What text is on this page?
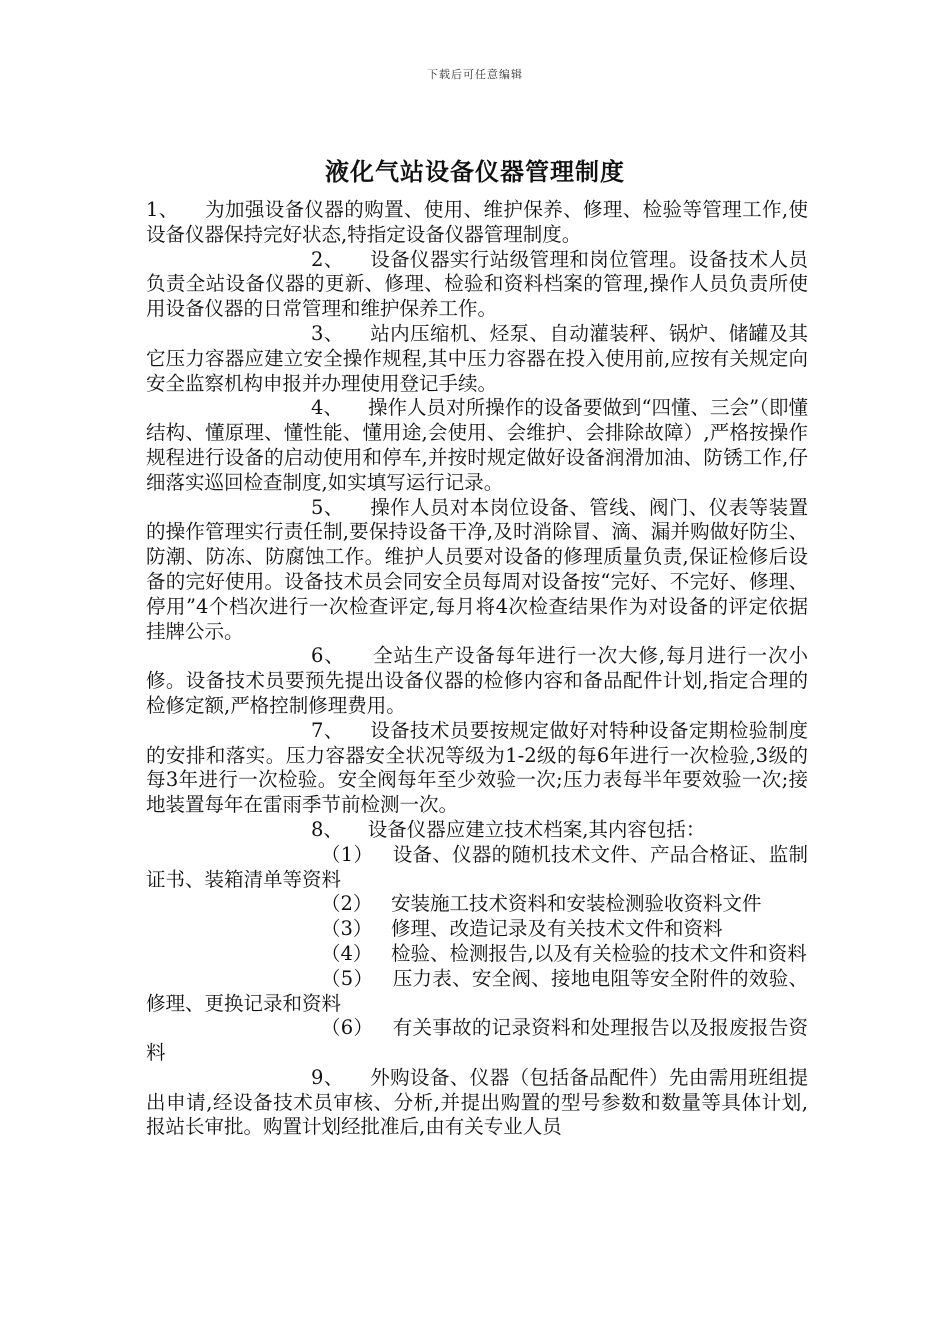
下载后可任意编辑
液化气站设备仪器管理制度

1、 为加强设备仪器的购置、使用、维护保养、修理、检验等管理工作,使设备仪器保持完好状态,特指定设备仪器管理制度。

2、 设备仪器实行站级管理和岗位管理。设备技术人员负责全站设备仪器的更新、修理、检验和资料档案的管理,操作人员负责所使用设备仪器的日常管理和维护保养工作。

3、 站内压缩机、烃泵、自动灌装秤、锅炉、储罐及其它压力容器应建立安全操作规程,其中压力容器在投入使用前,应按有关规定向安全监察机构申报并办理使用登记手续。

4、 操作人员对所操作的设备要做到“四懂、三会”（即懂结构、懂原理、懂性能、懂用途,会使用、会维护、会排除故障）,严格按操作规程进行设备的启动使用和停车,并按时规定做好设备润滑加油、防锈工作,仔细落实巡回检查制度,如实填写运行记录。

5、 操作人员对本岗位设备、管线、阀门、仪表等装置的操作管理实行责任制,要保持设备干净,及时消除冒、滴、漏并购做好防尘、防潮、防冻、防腐蚀工作。维护人员要对设备的修理质量负责,保证检修后设备的完好使用。设备技术员会同安全员每周对设备按“完好、不完好、修理、停用”4个档次进行一次检查评定,每月将4次检查结果作为对设备的评定依据挂牌公示。

6、 全站生产设备每年进行一次大修,每月进行一次小修。设备技术员要预先提出设备仪器的检修内容和备品配件计划,指定合理的检修定额,严格控制修理费用。

7、 设备技术员要按规定做好对特种设备定期检验制度的安排和落实。压力容器安全状况等级为1-2级的每6年进行一次检验,3级的每3年进行一次检验。安全阀每年至少效验一次;压力表每半年要效验一次;接地装置每年在雷雨季节前检测一次。

8、 设备仪器应建立技术档案,其内容包括：

（1） 设备、仪器的随机技术文件、产品合格证、监制证书、装箱清单等资料

（2） 安装施工技术资料和安装检测验收资料文件

（3） 修理、改造记录及有关技术文件和资料

（4） 检验、检测报告,以及有关检验的技术文件和资料

（5） 压力表、安全阀、接地电阻等安全附件的效验、修理、更换记录和资料

（6） 有关事故的记录资料和处理报告以及报废报告资料

9、 外购设备、仪器（包括备品配件）先由需用班组提出申请,经设备技术员审核、分析,并提出购置的型号参数和数量等具体计划,报站长审批。购置计划经批准后,由有关专业人员
